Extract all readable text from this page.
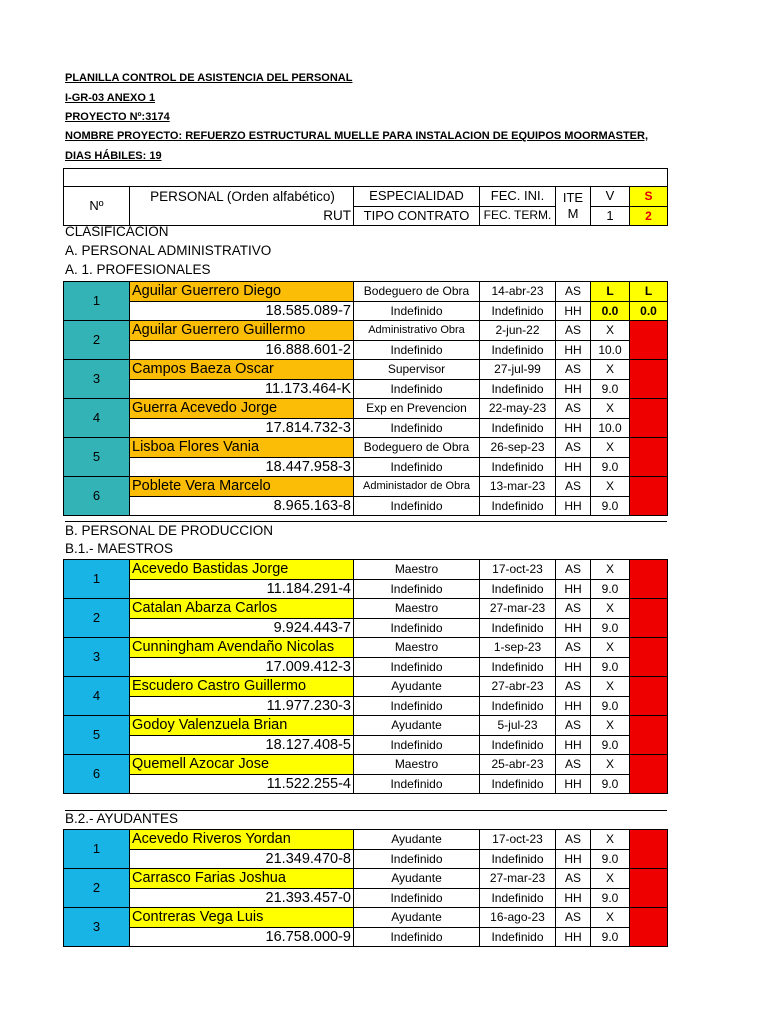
PLANILLA CONTROL DE ASISTENCIA DEL PERSONAL
I-GR-03 ANEXO 1
PROYECTO Nº:3174
NOMBRE PROYECTO: REFUERZO ESTRUCTURAL MUELLE PARA INSTALACION DE EQUIPOS MOORMASTER,
DIAS HÁBILES: 19

Nº	PERSONAL (Orden alfabético)	ESPECIALIDAD	FEC. INI.	ITE M	V	S
	RUT	TIPO CONTRATO	FEC. TERM.		1	2
CLASIFICACION
A. PERSONAL ADMINISTRATIVO
A. 1. PROFESIONALES
1	Aguilar Guerrero Diego	Bodeguero de Obra	14-abr-23	AS	L	L
	18.585.089-7	Indefinido	Indefinido	HH	0.0	0.0
2	Aguilar Guerrero Guillermo	Administrativo Obra	2-jun-22	AS	X	
	16.888.601-2	Indefinido	Indefinido	HH	10.0	
3	Campos Baeza Oscar	Supervisor	27-jul-99	AS	X	
	11.173.464-K	Indefinido	Indefinido	HH	9.0	
4	Guerra Acevedo Jorge	Exp en Prevencion	22-may-23	AS	X	
	17.814.732-3	Indefinido	Indefinido	HH	10.0	
5	Lisboa Flores Vania	Bodeguero de Obra	26-sep-23	AS	X	
	18.447.958-3	Indefinido	Indefinido	HH	9.0	
6	Poblete Vera Marcelo	Administador de Obra	13-mar-23	AS	X	
	8.965.163-8	Indefinido	Indefinido	HH	9.0	
B. PERSONAL DE PRODUCCION
B.1.- MAESTROS
1	Acevedo Bastidas Jorge	Maestro	17-oct-23	AS	X	
	11.184.291-4	Indefinido	Indefinido	HH	9.0	
2	Catalan Abarza Carlos	Maestro	27-mar-23	AS	X	
	9.924.443-7	Indefinido	Indefinido	HH	9.0	
3	Cunningham Avendaño Nicolas	Maestro	1-sep-23	AS	X	
	17.009.412-3	Indefinido	Indefinido	HH	9.0	
4	Escudero Castro Guillermo	Ayudante	27-abr-23	AS	X	
	11.977.230-3	Indefinido	Indefinido	HH	9.0	
5	Godoy Valenzuela Brian	Ayudante	5-jul-23	AS	X	
	18.127.408-5	Indefinido	Indefinido	HH	9.0	
6	Quemell Azocar Jose	Maestro	25-abr-23	AS	X	
	11.522.255-4	Indefinido	Indefinido	HH	9.0	
B.2.- AYUDANTES
1	Acevedo Riveros Yordan	Ayudante	17-oct-23	AS	X	
	21.349.470-8	Indefinido	Indefinido	HH	9.0	
2	Carrasco Farias Joshua	Ayudante	27-mar-23	AS	X	
	21.393.457-0	Indefinido	Indefinido	HH	9.0	
3	Contreras Vega Luis	Ayudante	16-ago-23	AS	X	
	16.758.000-9	Indefinido	Indefinido	HH	9.0	
